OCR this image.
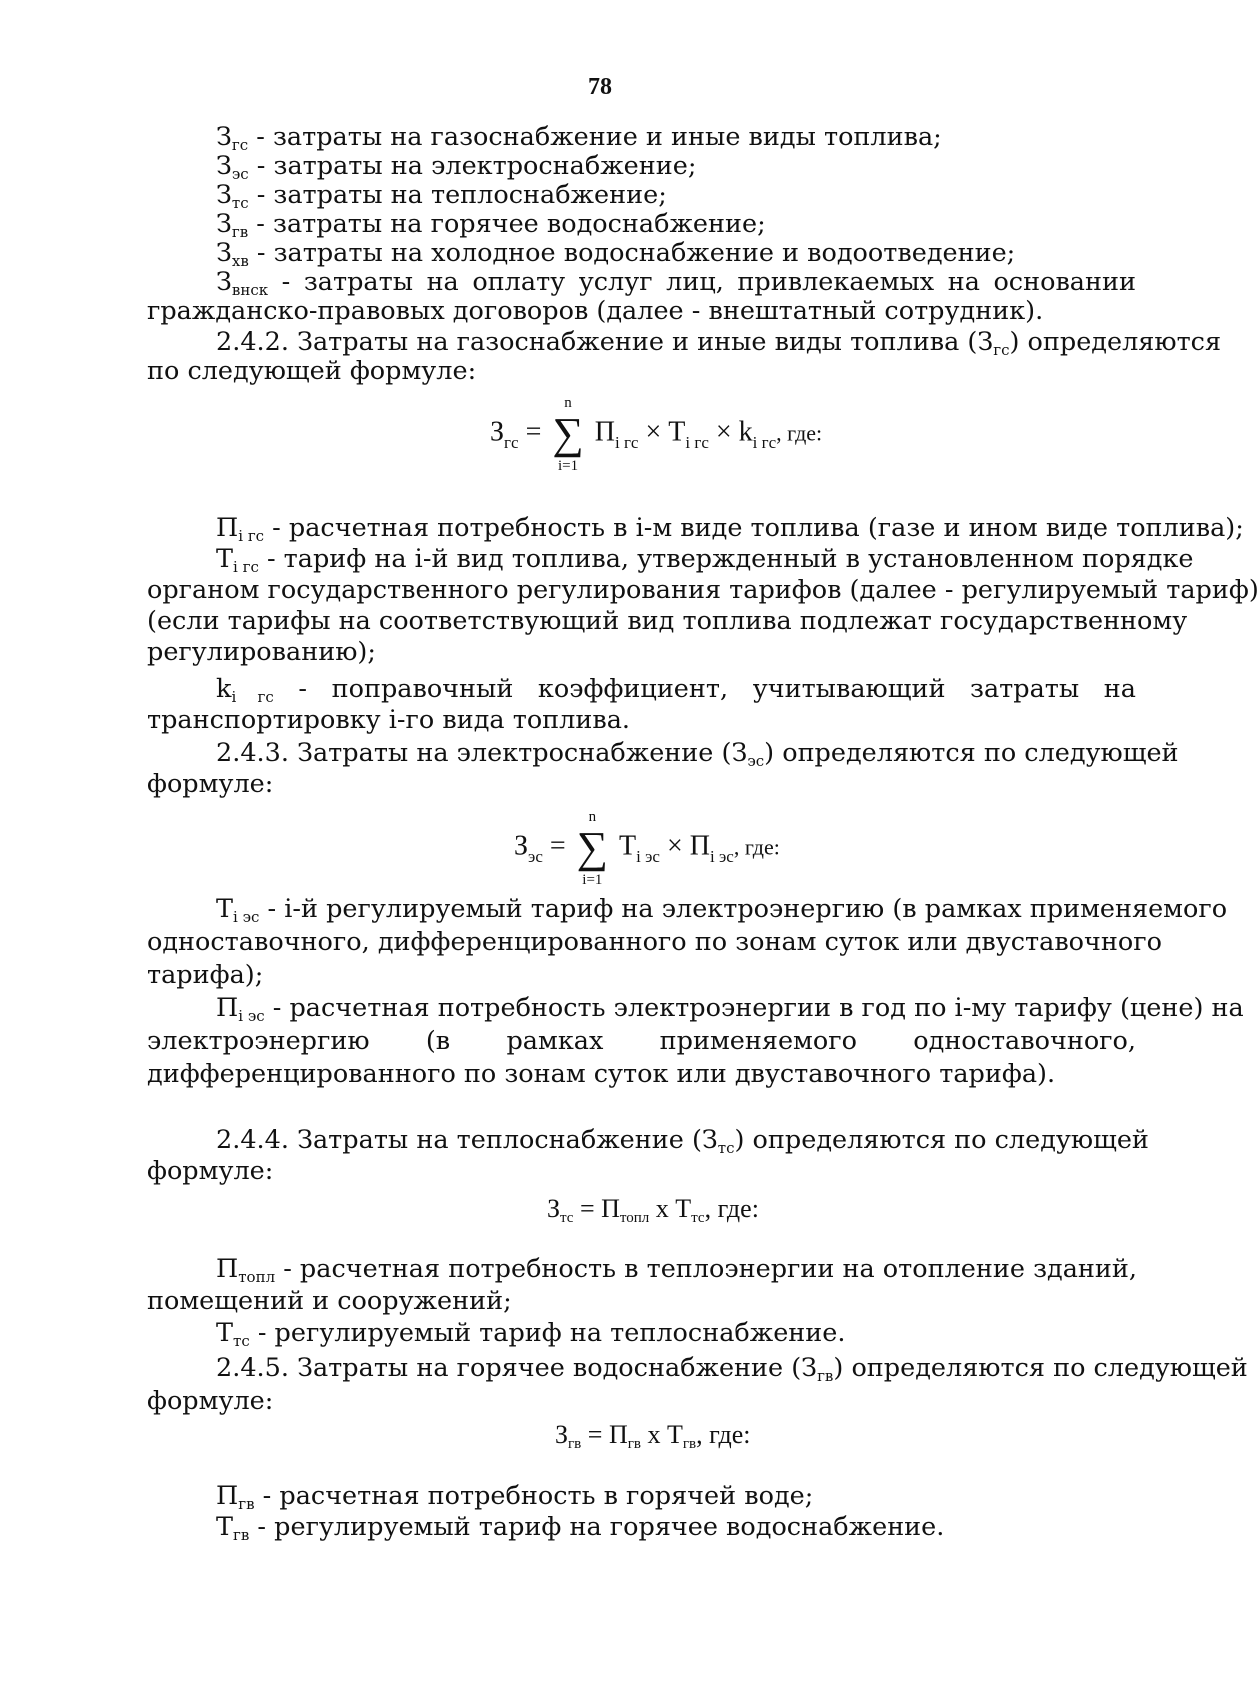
78

Згс - затраты на газоснабжение и иные виды топлива;

Зэс - затраты на электроснабжение;

Зтс - затраты на теплоснабжение;

Згв - затраты на горячее водоснабжение;

Зхв - затраты на холодное водоснабжение и водоотведение;

Звнск - затраты на оплату услуг лиц, привлекаемых на основании

гражданско-правовых договоров (далее - внештатный сотрудник).

2.4.2. Затраты на газоснабжение и иные виды топлива (Згс) определяются

по следующей формуле:

$З_{гс}$ = ∑
n
i=1
$П_{i гс} \times Т_{i гс} \times k_{i гс}$, где:

Пi гс - расчетная потребность в i-м виде топлива (газе и ином виде топлива);

Тi гс - тариф на i-й вид топлива, утвержденный в установленном порядке

органом государственного регулирования тарифов (далее - регулируемый тариф)

(если тарифы на соответствующий вид топлива подлежат государственному

регулированию);

ki гс - поправочный коэффициент, учитывающий затраты на

транспортировку i-го вида топлива.

2.4.3. Затраты на электроснабжение (Зэс) определяются по следующей

формуле:

$З_{эс}$ = ∑
n
i=1
$Т_{i эс} \times П_{i эс}$, где:

Тi эс - i-й регулируемый тариф на электроэнергию (в рамках применяемого

одноставочного, дифференцированного по зонам суток или двуставочного

тарифа);

Пi эс - расчетная потребность электроэнергии в год по i-му тарифу (цене) на

электроэнергию (в рамках применяемого одноставочного,

дифференцированного по зонам суток или двуставочного тарифа).

2.4.4. Затраты на теплоснабжение (Зтс) определяются по следующей

формуле:

Зтс = Птопл х Ттс, где:

Птопл - расчетная потребность в теплоэнергии на отопление зданий,

помещений и сооружений;

Ттс - регулируемый тариф на теплоснабжение.

2.4.5. Затраты на горячее водоснабжение (Згв) определяются по следующей

формуле:

Згв = Пгв х Тгв, где:

Пгв - расчетная потребность в горячей воде;

Тгв - регулируемый тариф на горячее водоснабжение.
